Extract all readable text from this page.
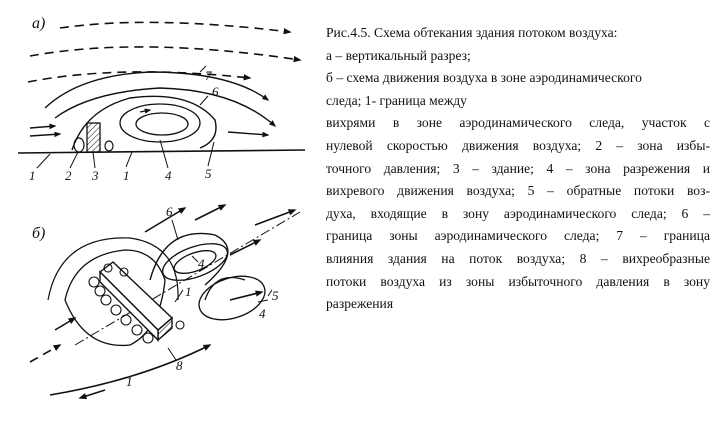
а)
1 2 3 1	4	5
6
7
б)
6
4
1	5
4
8
1
Рис.4.5. Схема обтекания здания потоком воздуха:
а – вертикальный разрез;
б – схема движения воздуха в зоне аэродинамического
следа; 1- граница между
вихрями в зоне аэродинамического следа, участок с
нулевой скоростью движения воздуха; 2 – зона избы-
точного давления; 3 – здание; 4 – зона разрежения и
вихревого движения воздуха; 5 – обратные потоки воз-
духа, входящие в зону аэродинамического следа; 6 –
граница зоны аэродинамического следа; 7 – граница
влияния здания на поток воздуха; 8 – вихреобразные
потоки воздуха из зоны избыточного давления в зону
разрежения
